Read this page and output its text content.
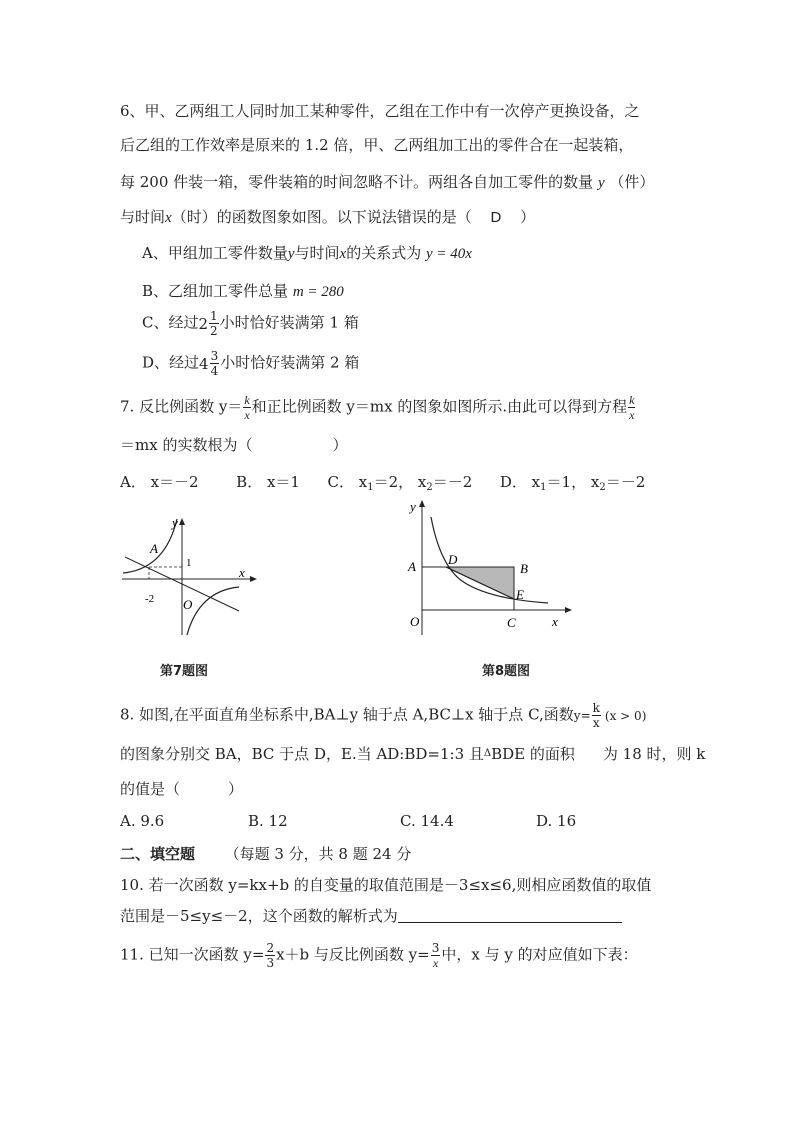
6、甲、乙两组工人同时加工某种零件，乙组在工作中有一次停产更换设备，之
后乙组的工作效率是原来的 1.2 倍，甲、乙两组加工出的零件合在一起装箱，
每 200 件装一箱，零件装箱的时间忽略不计。两组各自加工零件的数量 y （件）
与时间x（时）的函数图象如图。以下说法错误的是（ D ）
A、甲组加工零件数量y与时间x的关系式为 y = 40x
B、乙组加工零件总量 m = 280
C、经过$2 \frac{1}{2}$ 小时恰好装满第 1 箱
D、经过$4 \frac{3}{4}$ 小时恰好装满第 2 箱
7. 反比例函数 $y= \frac{k}{x}$ 和正比例函数 y＝mx 的图象如图所示.由此可以得到方程 $\frac{k}{x}$
＝mx 的实数根为（	）
A． x＝－2	B． x＝1 C． $x_1=2$， $x_2=-2$ D． $x_1=1$， $x_2=-2$
y
x
A
1
-2 O
第7题图
y
x
A	B
C
D
E
O
第8题图
8. 如图,在平面直角坐标系中,BA⊥y 轴于点 A,BC⊥x 轴于点 C,函数$y= \frac{k}{x} (x > 0)$
的图象分别交 BA，BC 于点 D，E.当 AD:BD=1:3 且$^\Delta$BDE 的面积 为 18 时，则 k
的值是（	）
A. 9.6	B. 12	C. 14.4	D. 16
二、填空题 （每题 3 分，共 8 题 24 分
10. 若一次函数 y=kx+b 的自变量的取值范围是－3≤x≤6,则相应函数值的取值
范围是－5≤y≤－2，这个函数的解析式为
11. 已知一次函数 $y= \frac{2}{3} x+b$ 与反比例函数 $y= \frac{3}{x}$ 中，x 与 y 的对应值如下表：
